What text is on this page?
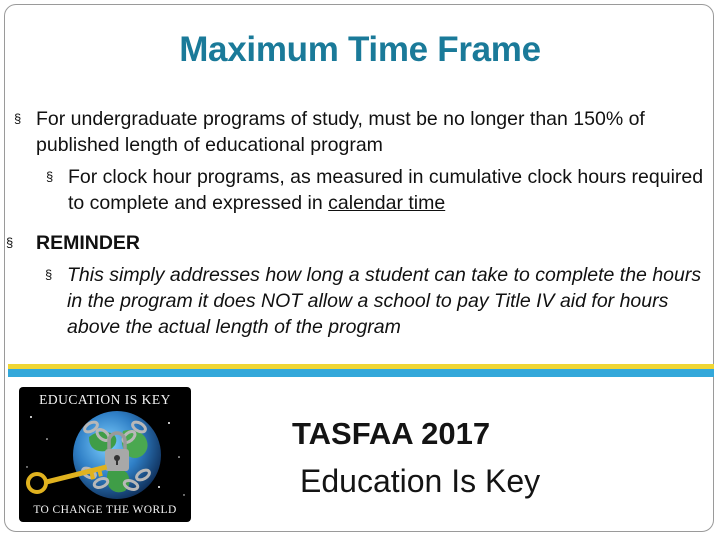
Maximum Time Frame
§ For undergraduate programs of study, must be no longer than 150% of published length of educational program
§ For clock hour programs, as measured in cumulative clock hours required to complete and expressed in calendar time
§ REMINDER
§ This simply addresses how long a student can take to complete the hours in the program it does NOT allow a school to pay Title IV aid for hours above the actual length of the program
EDUCATION IS KEY
TO CHANGE THE WORLD
TASFAA 2017
Education Is Key
